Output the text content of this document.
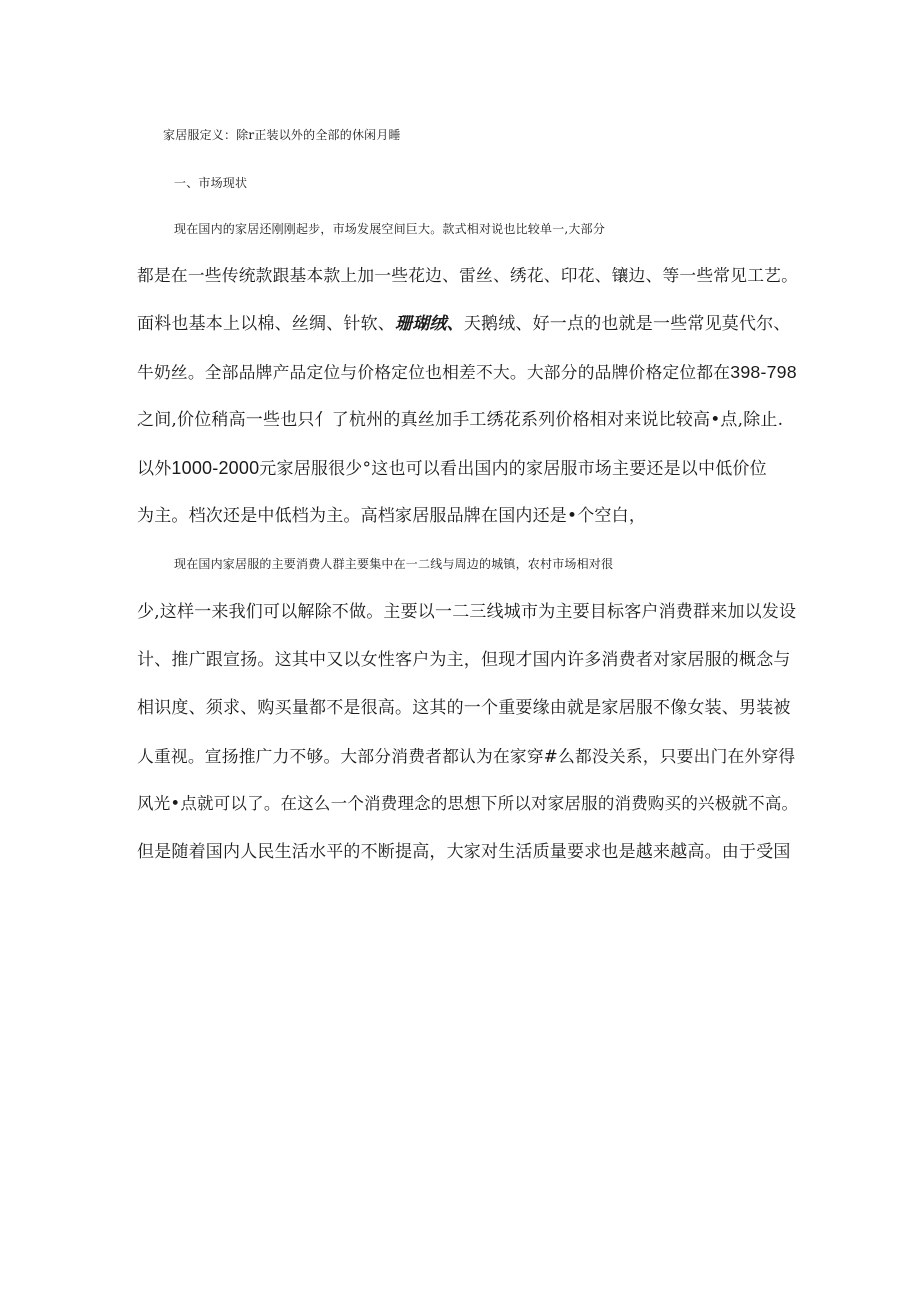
家居服定义：除r正装以外的全部的休闲月睡
一、市场现状
现在国内的家居还刚刚起步，市场发展空间巨大。款式相对说也比较单一,大部分
都是在一些传统款跟基本款上加一些花边、雷丝、绣花、印花、镶边、等一些常见工艺。
面料也基本上以棉、丝绸、针软、珊瑚绒、天鹅绒、好一点的也就是一些常见莫代尔、
牛奶丝。全部品牌产品定位与价格定位也相差不大。大部分的品牌价格定位都在398-798
之间,价位稍高一些也只亻了杭州的真丝加手工绣花系列价格相对来说比较高•点,除止.
以外1000-2000元家居服很少°这也可以看出国内的家居服市场主要还是以中低价位
为主。档次还是中低档为主。高档家居服品牌在国内还是•个空白，
现在国内家居服的主要消费人群主要集中在一二线与周边的城镇，农村市场相对很
少,这样一来我们可以解除不做。主要以一二三线城市为主要目标客户消费群来加以发设
计、推广跟宣扬。这其中又以女性客户为主，但现才国内许多消费者对家居服的概念与
相识度、须求、购买量都不是很高。这其的一个重要缘由就是家居服不像女装、男装被
人重视。宣扬推广力不够。大部分消费者都认为在家穿#么都没关系，只要出门在外穿得
风光•点就可以了。在这么一个消费理念的思想下所以对家居服的消费购买的兴极就不高。
但是随着国内人民生活水平的不断提高，大家对生活质量要求也是越来越高。由于受国
